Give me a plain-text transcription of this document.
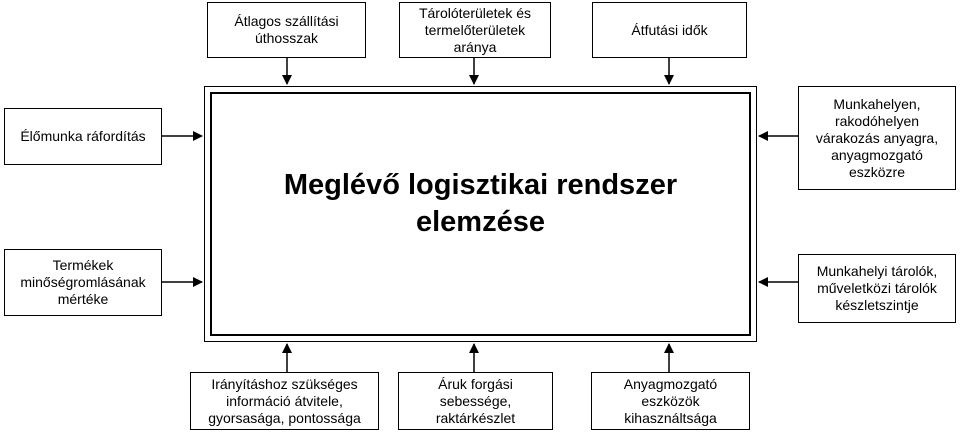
Átlagos szállítási
úthosszak
Tárolóterületek és
termelőterületek
aránya
Átfutási idők
Élőmunka ráfordítás
Termékek
minőségromlásának
mértéke
Munkahelyen,
rakodóhelyen
várakozás anyagra,
anyagmozgató
eszközre
Munkahelyi tárolók,
műveletközi tárolók
készletszintje
Irányításhoz szükséges
információ átvitele,
gyorsasága, pontossága
Áruk forgási
sebessége,
raktárkészlet
Anyagmozgató
eszközök
kihasználtsága
Meglévő logisztikai rendszer
elemzése
